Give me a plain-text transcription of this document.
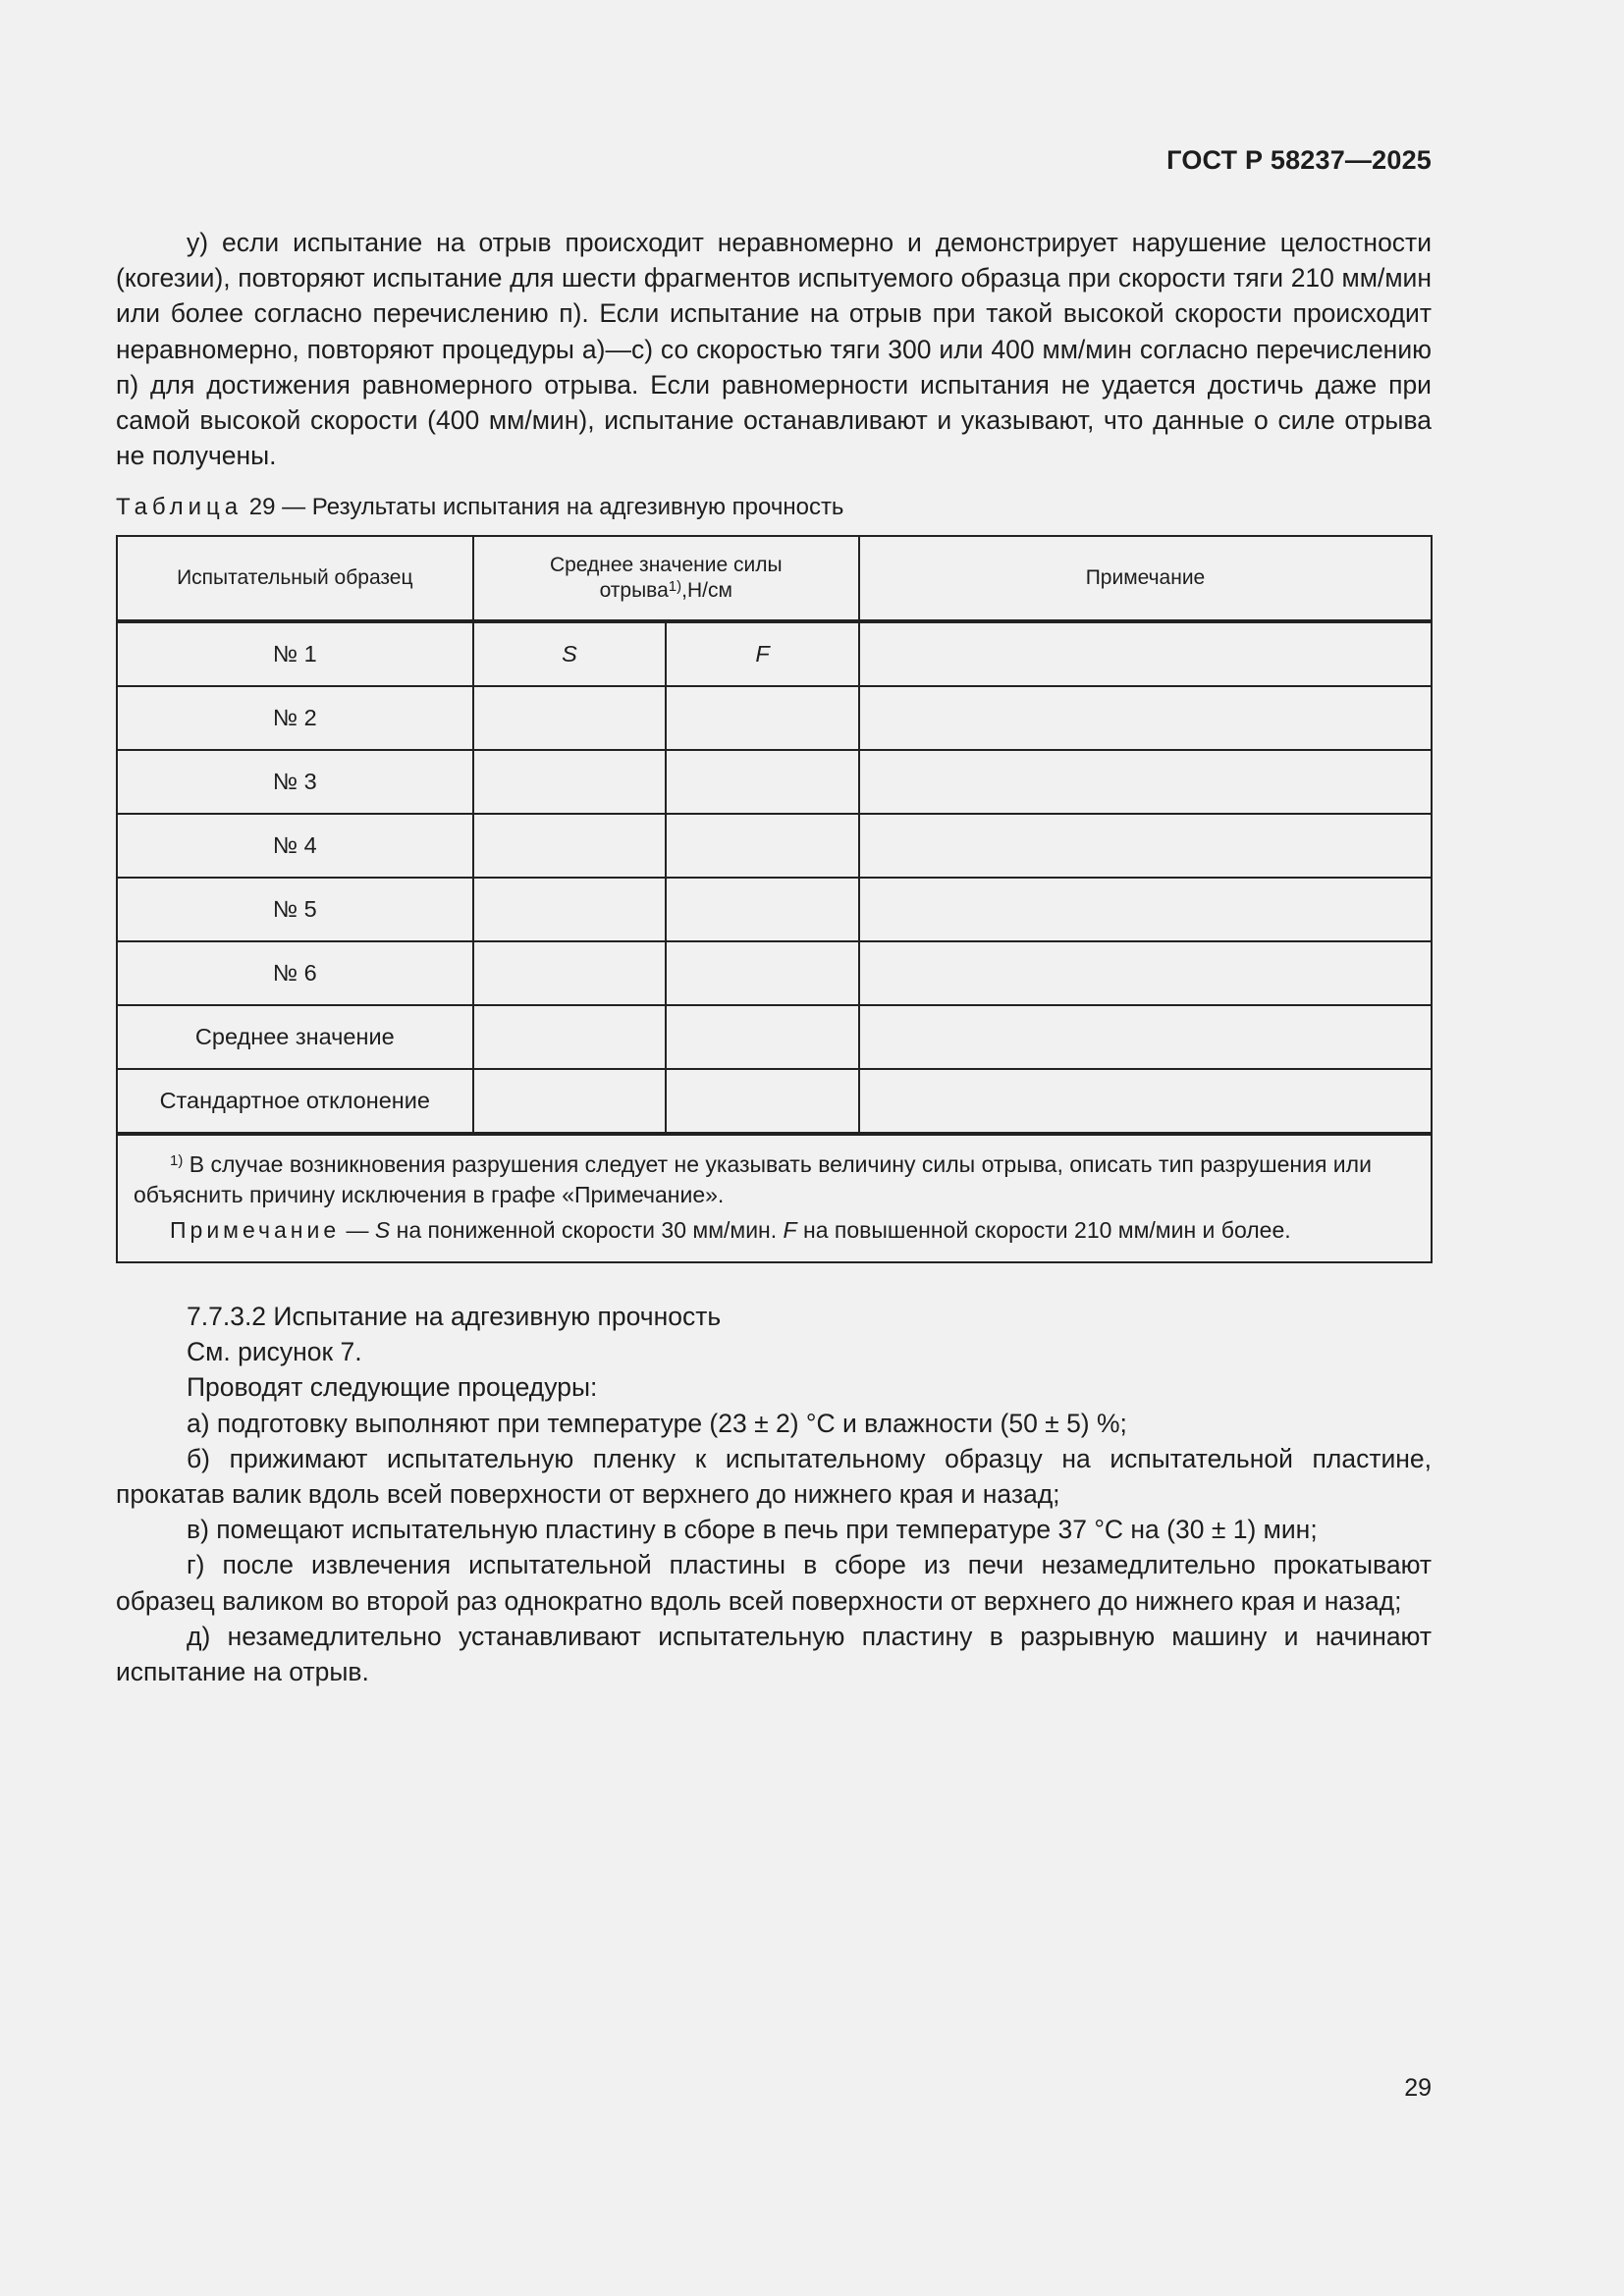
ГОСТ Р 58237—2025
у) если испытание на отрыв происходит неравномерно и демонстрирует нарушение целостности (когезии), повторяют испытание для шести фрагментов испытуемого образца при скорости тяги 210 мм/мин или более согласно перечислению п). Если испытание на отрыв при такой высокой скорости происходит неравномерно, повторяют процедуры а)—с) со скоростью тяги 300 или 400 мм/мин согласно перечислению п) для достижения равномерного отрыва. Если равномерности испытания не удается достичь даже при самой высокой скорости (400 мм/мин), испытание останавливают и указывают, что данные о силе отрыва не получены.
Таблица 29 — Результаты испытания на адгезивную прочность
Испытательный образец	Среднее значение силы
отрыва$^{1)}$,Н/см		Примечание
№ 1	S	F	
№ 2			
№ 3			
№ 4			
№ 5			
№ 6			
Среднее значение			
Стандартное отклонение			

$^{1)}$ В случае возникновения разрушения следует не указывать величину силы отрыва, описать тип разрушения или объяснить причину исключения в графе «Примечание».
Примечание — S на пониженной скорости 30 мм/мин. F на повышенной скорости 210 мм/мин и более.			

7.7.3.2 Испытание на адгезивную прочность

См. рисунок 7.

Проводят следующие процедуры:

а) подготовку выполняют при температуре (23 ± 2) °С и влажности (50 ± 5) %;

б) прижимают испытательную пленку к испытательному образцу на испытательной пластине, прокатав валик вдоль всей поверхности от верхнего до нижнего края и назад;

в) помещают испытательную пластину в сборе в печь при температуре 37 °С на (30 ± 1) мин;

г) после извлечения испытательной пластины в сборе из печи незамедлительно прокатывают образец валиком во второй раз однократно вдоль всей поверхности от верхнего до нижнего края и назад;

д) незамедлительно устанавливают испытательную пластину в разрывную машину и начинают испытание на отрыв.

29
